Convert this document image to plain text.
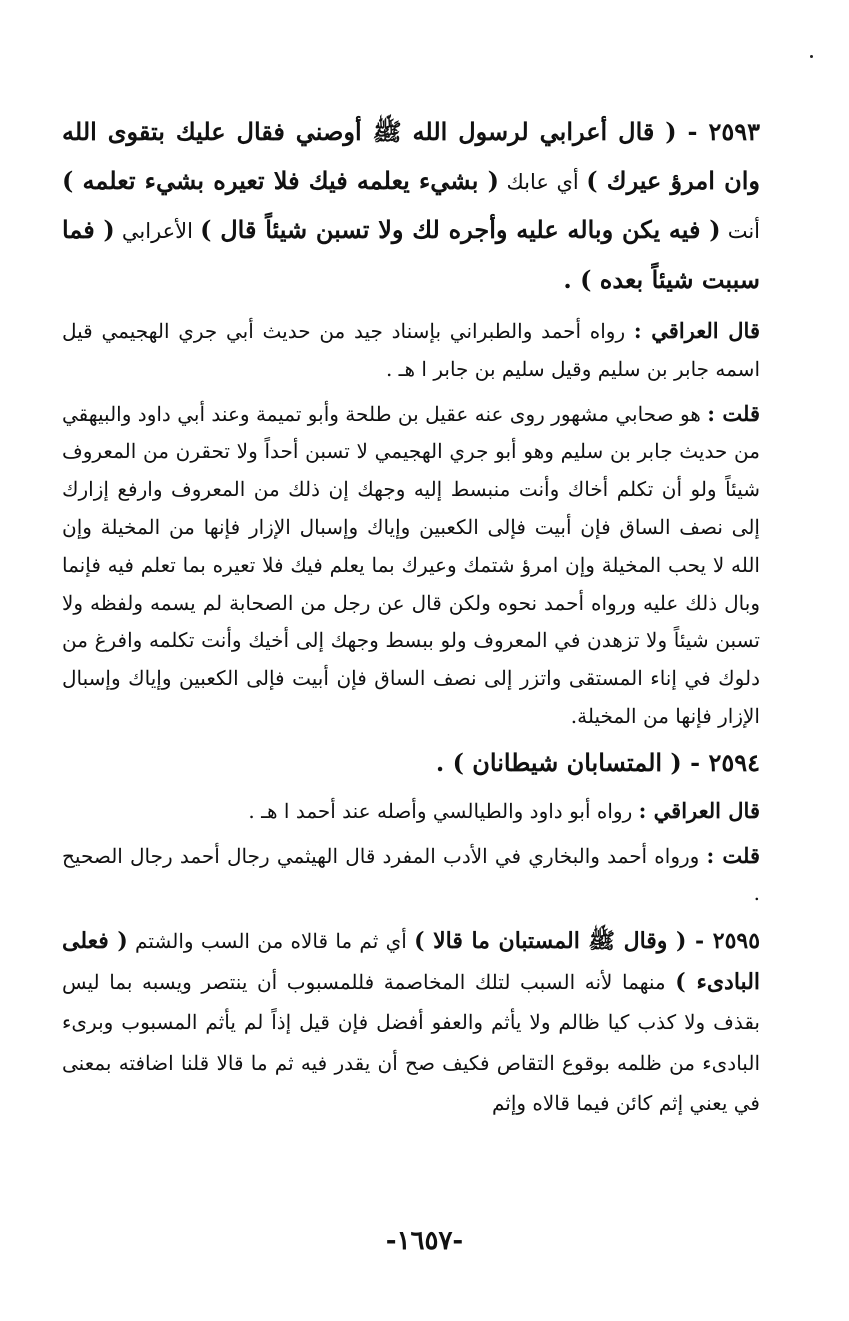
٢٥٩٣ - ( قال أعرابي لرسول الله ﷺ أوصني فقال عليك بتقوى الله وان امرؤ عيرك ) أي عابك ( بشيء يعلمه فيك فلا تعيره بشيء تعلمه ) أنت ( فيه يكن وباله عليه وأجره لك ولا تسبن شيئاً قال ) الأعرابي ( فما سببت شيئاً بعده ) .

قال العراقي : رواه أحمد والطبراني بإسناد جيد من حديث أبي جري الهجيمي قيل اسمه جابر بن سليم وقيل سليم بن جابر ا هـ .

قلت : هو صحابي مشهور روى عنه عقيل بن طلحة وأبو تميمة وعند أبي داود والبيهقي من حديث جابر بن سليم وهو أبو جري الهجيمي لا تسبن أحداً ولا تحقرن من المعروف شيئاً ولو أن تكلم أخاك وأنت منبسط إليه وجهك إن ذلك من المعروف وارفع إزارك إلى نصف الساق فإن أبيت فإلى الكعبين وإياك وإسبال الإزار فإنها من المخيلة وإن الله لا يحب المخيلة وإن امرؤ شتمك وعيرك بما يعلم فيك فلا تعيره بما تعلم فيه فإنما وبال ذلك عليه ورواه أحمد نحوه ولكن قال عن رجل من الصحابة لم يسمه ولفظه ولا تسبن شيئاً ولا تزهدن في المعروف ولو ببسط وجهك إلى أخيك وأنت تكلمه وافرغ من دلوك في إناء المستقى واتزر إلى نصف الساق فإن أبيت فإلى الكعبين وإياك وإسبال الإزار فإنها من المخيلة.

٢٥٩٤ - ( المتسابان شيطانان ) .

قال العراقي : رواه أبو داود والطيالسي وأصله عند أحمد ا هـ .

قلت : ورواه أحمد والبخاري في الأدب المفرد قال الهيثمي رجال أحمد رجال الصحيح .

٢٥٩٥ - ( وقال ﷺ المستبان ما قالا ) أي ثم ما قالاه من السب والشتم ( فعلى البادىء ) منهما لأنه السبب لتلك المخاصمة فللمسبوب أن ينتصر ويسبه بما ليس بقذف ولا كذب كيا ظالم ولا يأثم والعفو أفضل فإن قيل إذاً لم يأثم المسبوب وبرىء البادىء من ظلمه بوقوع التقاص فكيف صح أن يقدر فيه ثم ما قالا قلنا اضافته بمعنى في يعني إثم كائن فيما قالاه وإثم

-١٦٥٧-
